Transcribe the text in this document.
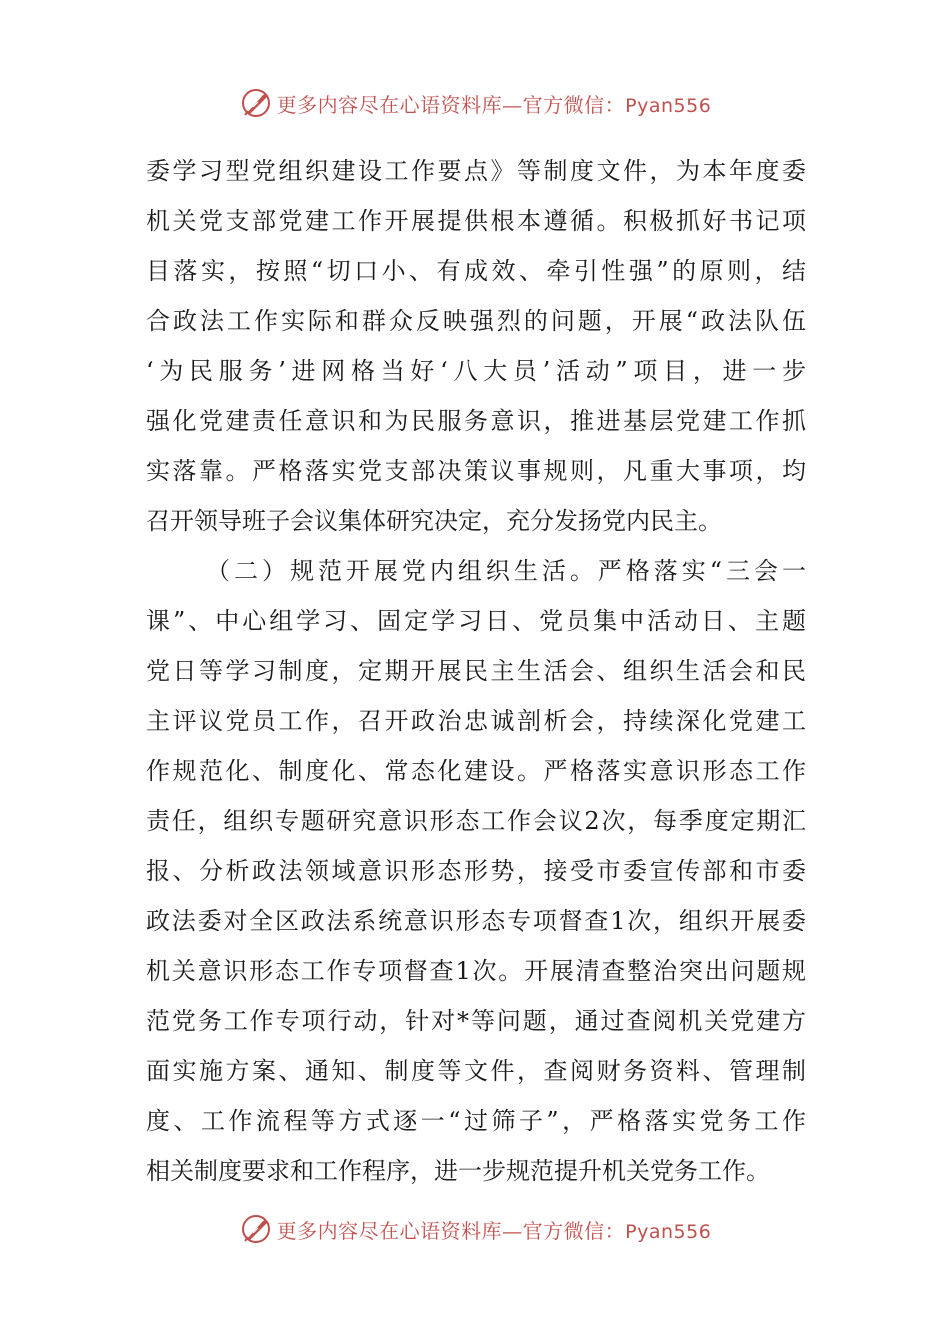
更多内容尽在心语资料库—官方微信：Pyan556
委学习型党组织建设工作要点》等制度文件，为本年度委
机关党支部党建工作开展提供根本遵循。积极抓好书记项
目落实，按照“切口小、有成效、牵引性强”的原则，结
合政法工作实际和群众反映强烈的问题，开展“政法队伍
‘为民服务’进网格当好‘八大员’活动”项目，进一步
强化党建责任意识和为民服务意识，推进基层党建工作抓
实落靠。严格落实党支部决策议事规则，凡重大事项，均
召开领导班子会议集体研究决定，充分发扬党内民主。
（二）规范开展党内组织生活。严格落实“三会一
课”、中心组学习、固定学习日、党员集中活动日、主题
党日等学习制度，定期开展民主生活会、组织生活会和民
主评议党员工作，召开政治忠诚剖析会，持续深化党建工
作规范化、制度化、常态化建设。严格落实意识形态工作
责任，组织专题研究意识形态工作会议2次，每季度定期汇
报、分析政法领域意识形态形势，接受市委宣传部和市委
政法委对全区政法系统意识形态专项督查1次，组织开展委
机关意识形态工作专项督查1次。开展清查整治突出问题规
范党务工作专项行动，针对*等问题，通过查阅机关党建方
面实施方案、通知、制度等文件，查阅财务资料、管理制
度、工作流程等方式逐一“过筛子”，严格落实党务工作
相关制度要求和工作程序，进一步规范提升机关党务工作。
更多内容尽在心语资料库—官方微信：Pyan556
